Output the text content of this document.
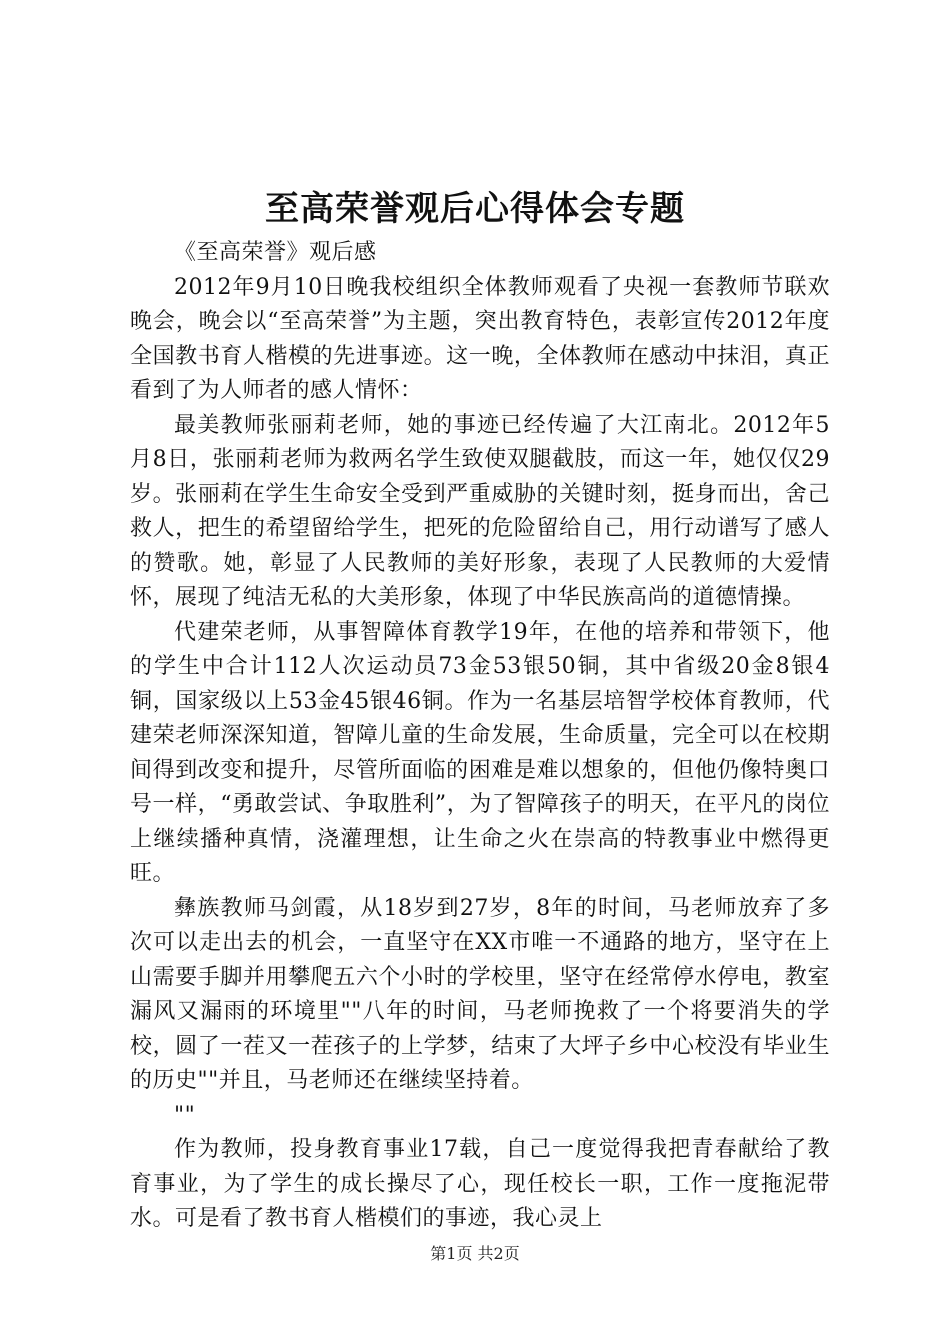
至高荣誉观后心得体会专题

《至高荣誉》观后感

2012年9月10日晚我校组织全体教师观看了央视一套教师节联欢晚会，晚会以“至高荣誉”为主题，突出教育特色，表彰宣传2012年度全国教书育人楷模的先进事迹。这一晚，全体教师在感动中抹泪，真正看到了为人师者的感人情怀：

最美教师张丽莉老师，她的事迹已经传遍了大江南北。2012年5月8日，张丽莉老师为救两名学生致使双腿截肢，而这一年，她仅仅29岁。张丽莉在学生生命安全受到严重威胁的关键时刻，挺身而出，舍己救人，把生的希望留给学生，把死的危险留给自己，用行动谱写了感人的赞歌。她，彰显了人民教师的美好形象，表现了人民教师的大爱情怀，展现了纯洁无私的大美形象，体现了中华民族高尚的道德情操。

代建荣老师，从事智障体育教学19年，在他的培养和带领下，他的学生中合计112人次运动员73金53银50铜，其中省级20金8银4铜，国家级以上53金45银46铜。作为一名基层培智学校体育教师，代建荣老师深深知道，智障儿童的生命发展，生命质量，完全可以在校期间得到改变和提升，尽管所面临的困难是难以想象的，但他仍像特奥口号一样，“勇敢尝试、争取胜利”，为了智障孩子的明天，在平凡的岗位上继续播种真情，浇灌理想，让生命之火在崇高的特教事业中燃得更旺。

彝族教师马剑霞，从18岁到27岁，8年的时间，马老师放弃了多次可以走出去的机会，一直坚守在XX市唯一不通路的地方，坚守在上山需要手脚并用攀爬五六个小时的学校里，坚守在经常停水停电，教室漏风又漏雨的环境里""八年的时间，马老师挽救了一个将要消失的学校，圆了一茬又一茬孩子的上学梦，结束了大坪子乡中心校没有毕业生的历史""并且，马老师还在继续坚持着。

""

作为教师，投身教育事业17载，自己一度觉得我把青春献给了教育事业，为了学生的成长操尽了心，现任校长一职，工作一度拖泥带水。可是看了教书育人楷模们的事迹，我心灵上

第1页 共2页
